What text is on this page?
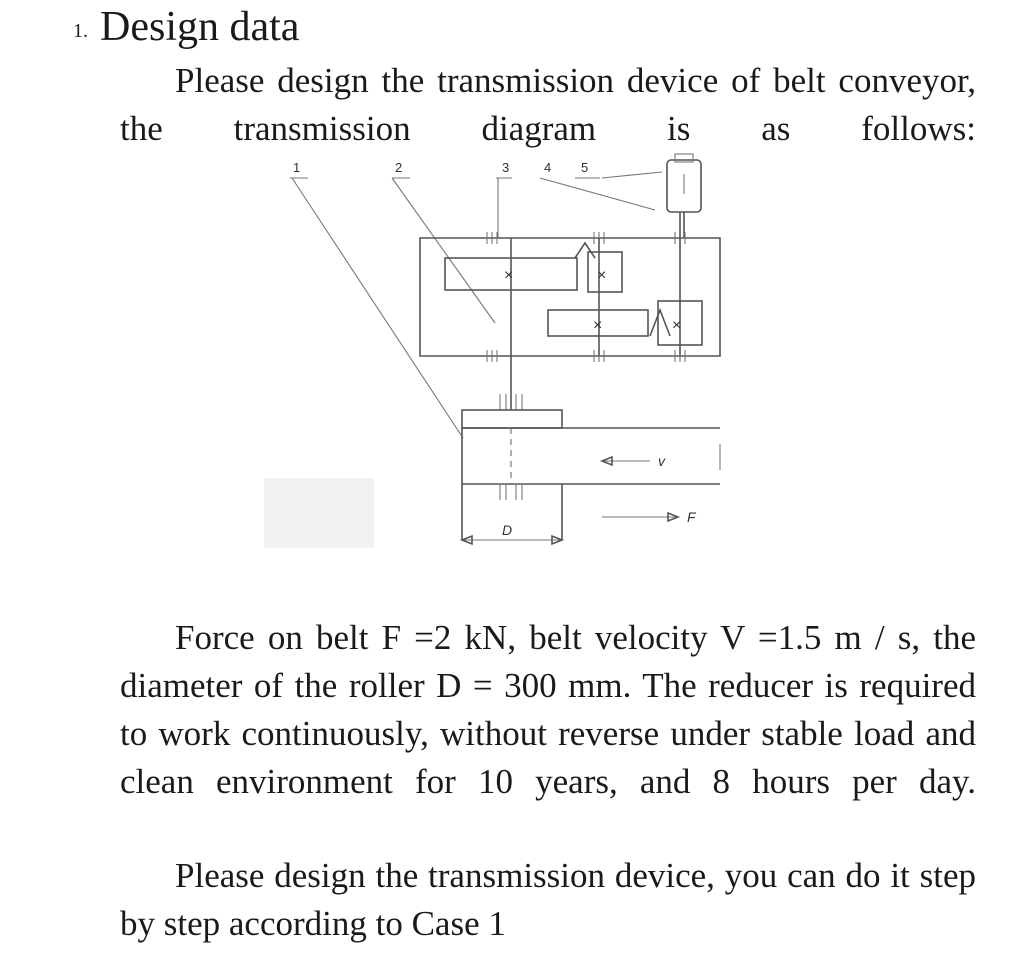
1. Design data

Please design the transmission device of belt conveyor, the transmission diagram is as follows:

1	2	3	4 5
×	×
×	×
v
F
D

Force on belt F =2 kN, belt velocity V =1.5 m / s, the diameter of the roller D = 300 mm. The reducer is required to work continuously, without reverse under stable load and clean environment for 10 years, and 8 hours per day.

Please design the transmission device, you can do it step by step according to Case 1
